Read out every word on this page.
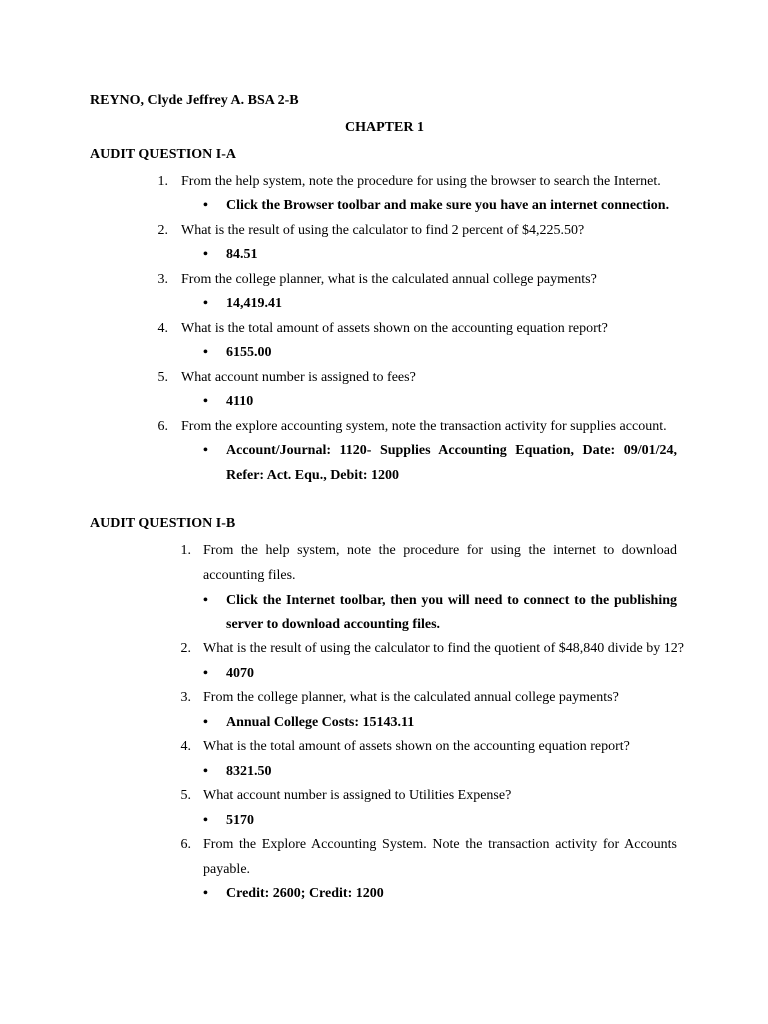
REYNO, Clyde Jeffrey A. BSA 2-B
CHAPTER 1
AUDIT QUESTION I-A
1. From the help system, note the procedure for using the browser to search the Internet.
• Click the Browser toolbar and make sure you have an internet connection.
2. What is the result of using the calculator to find 2 percent of $4,225.50?
• 84.51
3. From the college planner, what is the calculated annual college payments?
• 14,419.41
4. What is the total amount of assets shown on the accounting equation report?
• 6155.00
5. What account number is assigned to fees?
• 4110
6. From the explore accounting system, note the transaction activity for supplies account.
• Account/Journal: 1120- Supplies Accounting Equation, Date: 09/01/24,
Refer: Act. Equ., Debit: 1200
AUDIT QUESTION I-B
1. From the help system, note the procedure for using the internet to download
accounting files.
• Click the Internet toolbar, then you will need to connect to the publishing
server to download accounting files.
2. What is the result of using the calculator to find the quotient of $48,840 divide by 12?
• 4070
3. From the college planner, what is the calculated annual college payments?
• Annual College Costs: 15143.11
4. What is the total amount of assets shown on the accounting equation report?
• 8321.50
5. What account number is assigned to Utilities Expense?
• 5170
6. From the Explore Accounting System. Note the transaction activity for Accounts
payable.
• Credit: 2600; Credit: 1200
